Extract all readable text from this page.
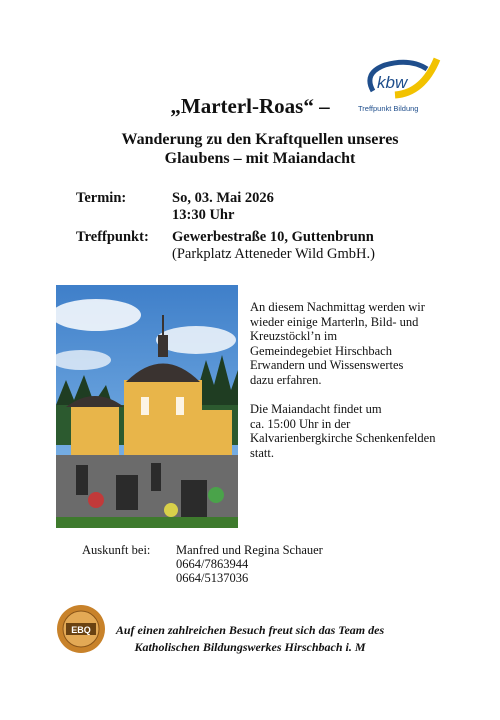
kbw
Treffpunkt Bildung
„Marterl-Roas“ –
Wanderung zu den Kraftquellen unseres
Glaubens – mit Maiandacht
Termin:	So, 03. Mai 2026
13:30 Uhr
Treffpunkt: Gewerbestraße 10, Guttenbrunn
(Parkplatz Atteneder Wild GmbH.)
An diesem Nachmittag werden wir
wieder einige Marterln, Bild- und
Kreuzstöckl’n im
Gemeindegebiet Hirschbach
Erwandern und Wissenswertes
dazu erfahren.
Die Maiandacht findet um
ca. 15:00 Uhr in der
Kalvarienbergkirche Schenkenfelden
statt.
Auskunft bei: Manfred und Regina Schauer
0664/7863944
0664/5137036
EBQ	Auf einen zahlreichen Besuch freut sich das Team des
Katholischen Bildungswerkes Hirschbach i. M
